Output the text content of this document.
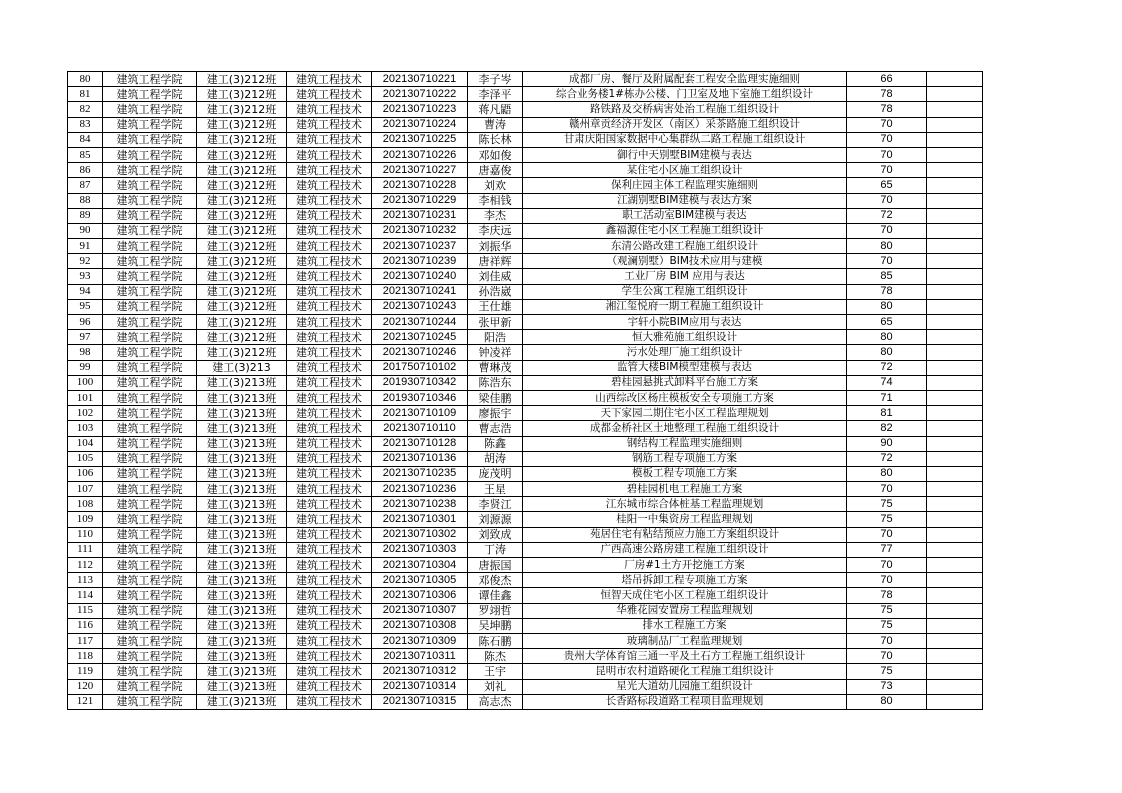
80	建筑工程学院	建工(3)212班	建筑工程技术	202130710221	李子岑	成都厂房、餐厅及附属配套工程安全监理实施细则	66	
81	建筑工程学院	建工(3)212班	建筑工程技术	202130710222	李泽平	综合业务楼1#栋办公楼、门卫室及地下室施工组织设计	78	
82	建筑工程学院	建工(3)212班	建筑工程技术	202130710223	蒋凡鼯	路铁路及交桥病害处治工程施工组织设计	78	
83	建筑工程学院	建工(3)212班	建筑工程技术	202130710224	曹涛	赣州章贡经济开发区（南区）采茶路施工组织设计	70	
84	建筑工程学院	建工(3)212班	建筑工程技术	202130710225	陈长林	甘肃庆阳国家数据中心集群纵二路工程施工组织设计	70	
85	建筑工程学院	建工(3)212班	建筑工程技术	202130710226	邓如俊	御行中天别墅BIM建模与表达	70	
86	建筑工程学院	建工(3)212班	建筑工程技术	202130710227	唐嘉俊	某住宅小区施工组织设计	70	
87	建筑工程学院	建工(3)212班	建筑工程技术	202130710228	刘欢	保利庄园主体工程监理实施细则	65	
88	建筑工程学院	建工(3)212班	建筑工程技术	202130710229	李相钱	江湖别墅BIM建模与表达方案	70	
89	建筑工程学院	建工(3)212班	建筑工程技术	202130710231	李杰	职工活动室BIM建模与表达	72	
90	建筑工程学院	建工(3)212班	建筑工程技术	202130710232	李庆远	鑫福源住宅小区工程施工组织设计	70	
91	建筑工程学院	建工(3)212班	建筑工程技术	202130710237	刘振华	东清公路改建工程施工组织设计	80	
92	建筑工程学院	建工(3)212班	建筑工程技术	202130710239	唐祥辉	（观澜别墅）BIM技术应用与建模	70	
93	建筑工程学院	建工(3)212班	建筑工程技术	202130710240	刘佳威	工业厂房 BIM 应用与表达	85	
94	建筑工程学院	建工(3)212班	建筑工程技术	202130710241	孙浩崴	学生公寓工程施工组织设计	78	
95	建筑工程学院	建工(3)212班	建筑工程技术	202130710243	王仕雄	湘江玺悦府一期工程施工组织设计	80	
96	建筑工程学院	建工(3)212班	建筑工程技术	202130710244	张甲新	宇轩小院BIM应用与表达	65	
97	建筑工程学院	建工(3)212班	建筑工程技术	202130710245	阳浩	恒大雅苑施工组织设计	80	
98	建筑工程学院	建工(3)212班	建筑工程技术	202130710246	钟凌祥	污水处理厂施工组织设计	80	
99	建筑工程学院	建工(3)213	建筑工程技术	201750710102	曹琳茂	监管大楼BIM模型建模与表达	72	
100	建筑工程学院	建工(3)213班	建筑工程技术	201930710342	陈浩东	碧桂园悬挑式卸料平台施工方案	74	
101	建筑工程学院	建工(3)213班	建筑工程技术	201930710346	梁佳鹏	山西综改区杨庄模板安全专项施工方案	71	
102	建筑工程学院	建工(3)213班	建筑工程技术	202130710109	廖振宇	天下家园二期住宅小区工程监理规划	81	
103	建筑工程学院	建工(3)213班	建筑工程技术	202130710110	曹志浩	成都金桥社区土地整理工程施工组织设计	82	
104	建筑工程学院	建工(3)213班	建筑工程技术	202130710128	陈鑫	钢结构工程监理实施细则	90	
105	建筑工程学院	建工(3)213班	建筑工程技术	202130710136	胡涛	钢筋工程专项施工方案	72	
106	建筑工程学院	建工(3)213班	建筑工程技术	202130710235	庞茂明	模板工程专项施工方案	80	
107	建筑工程学院	建工(3)213班	建筑工程技术	202130710236	王星	碧桂园机电工程施工方案	70	
108	建筑工程学院	建工(3)213班	建筑工程技术	202130710238	李贤江	江东城市综合体桩基工程监理规划	75	
109	建筑工程学院	建工(3)213班	建筑工程技术	202130710301	刘源源	桂阳一中集资房工程监理规划	75	
110	建筑工程学院	建工(3)213班	建筑工程技术	202130710302	刘致成	苑居住宅有粘结预应力施工方案组织设计	70	
111	建筑工程学院	建工(3)213班	建筑工程技术	202130710303	丁涛	广西高速公路房建工程施工组织设计	77	
112	建筑工程学院	建工(3)213班	建筑工程技术	202130710304	唐振国	厂房#1土方开挖施工方案	70	
113	建筑工程学院	建工(3)213班	建筑工程技术	202130710305	邓俊杰	塔吊拆卸工程专项施工方案	70	
114	建筑工程学院	建工(3)213班	建筑工程技术	202130710306	谭佳鑫	恒智天成住宅小区工程施工组织设计	78	
115	建筑工程学院	建工(3)213班	建筑工程技术	202130710307	罗翊哲	华雅花园安置房工程监理规划	75	
116	建筑工程学院	建工(3)213班	建筑工程技术	202130710308	吴坤鹏	排水工程施工方案	75	
117	建筑工程学院	建工(3)213班	建筑工程技术	202130710309	陈石鹏	玻璃制品厂工程监理规划	70	
118	建筑工程学院	建工(3)213班	建筑工程技术	202130710311	陈杰	贵州大学体育馆三通一平及土石方工程施工组织设计	70	
119	建筑工程学院	建工(3)213班	建筑工程技术	202130710312	王宇	昆明市农村道路硬化工程施工组织设计	75	
120	建筑工程学院	建工(3)213班	建筑工程技术	202130710314	刘礼	星光大道幼儿园施工组织设计	73	
121	建筑工程学院	建工(3)213班	建筑工程技术	202130710315	高志杰	长香路标段道路工程项目监理规划	80	
